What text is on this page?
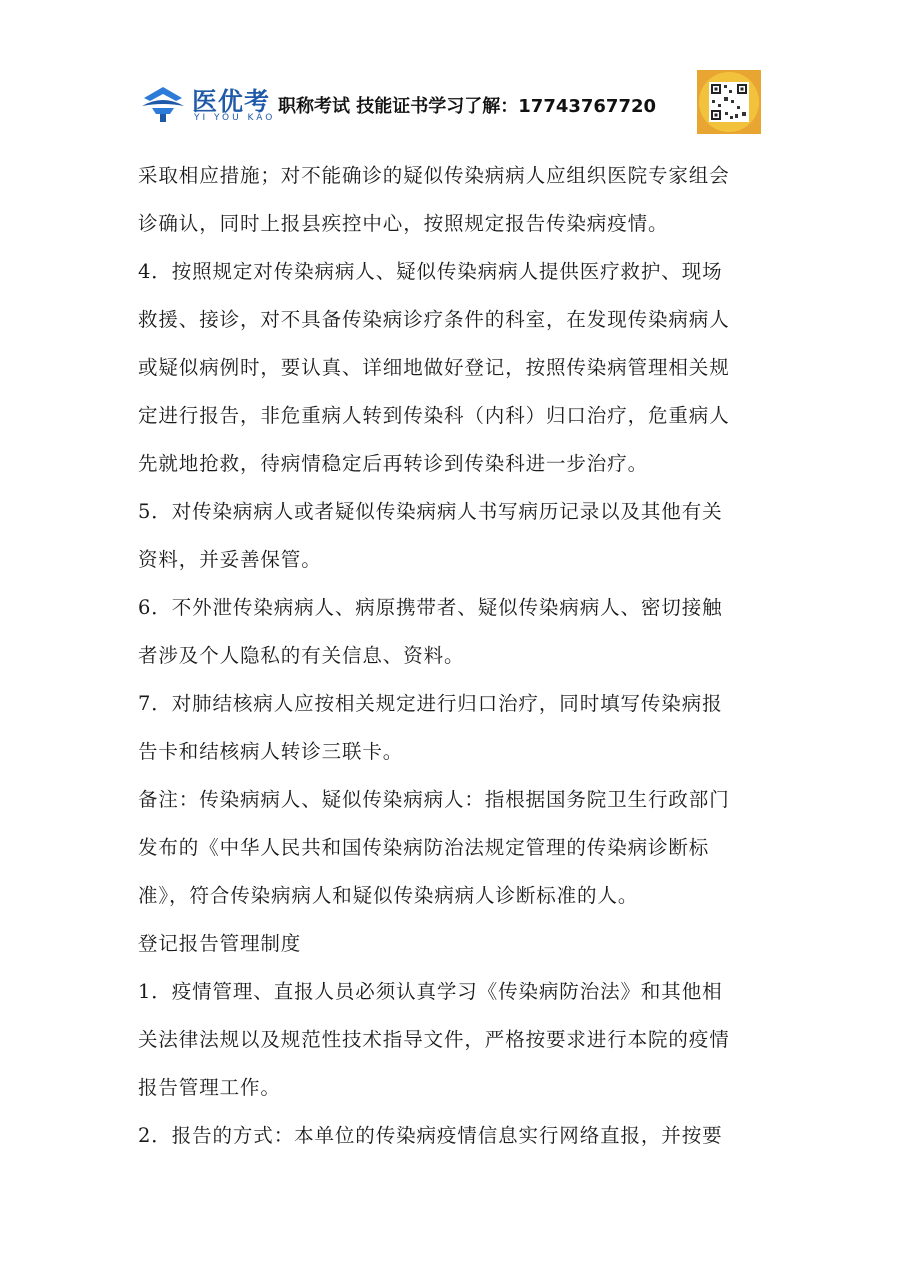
医优考
YI YOU KAO
职称考试 技能证书学习了解：17743767720
采取相应措施；对不能确诊的疑似传染病病人应组织医院专家组会
诊确认，同时上报县疾控中心，按照规定报告传染病疫情。
4．按照规定对传染病病人、疑似传染病病人提供医疗救护、现场
救援、接诊，对不具备传染病诊疗条件的科室，在发现传染病病人
或疑似病例时，要认真、详细地做好登记，按照传染病管理相关规
定进行报告，非危重病人转到传染科（内科）归口治疗，危重病人
先就地抢救，待病情稳定后再转诊到传染科进一步治疗。
5．对传染病病人或者疑似传染病病人书写病历记录以及其他有关
资料，并妥善保管。
6．不外泄传染病病人、病原携带者、疑似传染病病人、密切接触
者涉及个人隐私的有关信息、资料。
7．对肺结核病人应按相关规定进行归口治疗，同时填写传染病报
告卡和结核病人转诊三联卡。
备注：传染病病人、疑似传染病病人：指根据国务院卫生行政部门
发布的《中华人民共和国传染病防治法规定管理的传染病诊断标
准》，符合传染病病人和疑似传染病病人诊断标准的人。
登记报告管理制度
1．疫情管理、直报人员必须认真学习《传染病防治法》和其他相
关法律法规以及规范性技术指导文件，严格按要求进行本院的疫情
报告管理工作。
2．报告的方式：本单位的传染病疫情信息实行网络直报，并按要
